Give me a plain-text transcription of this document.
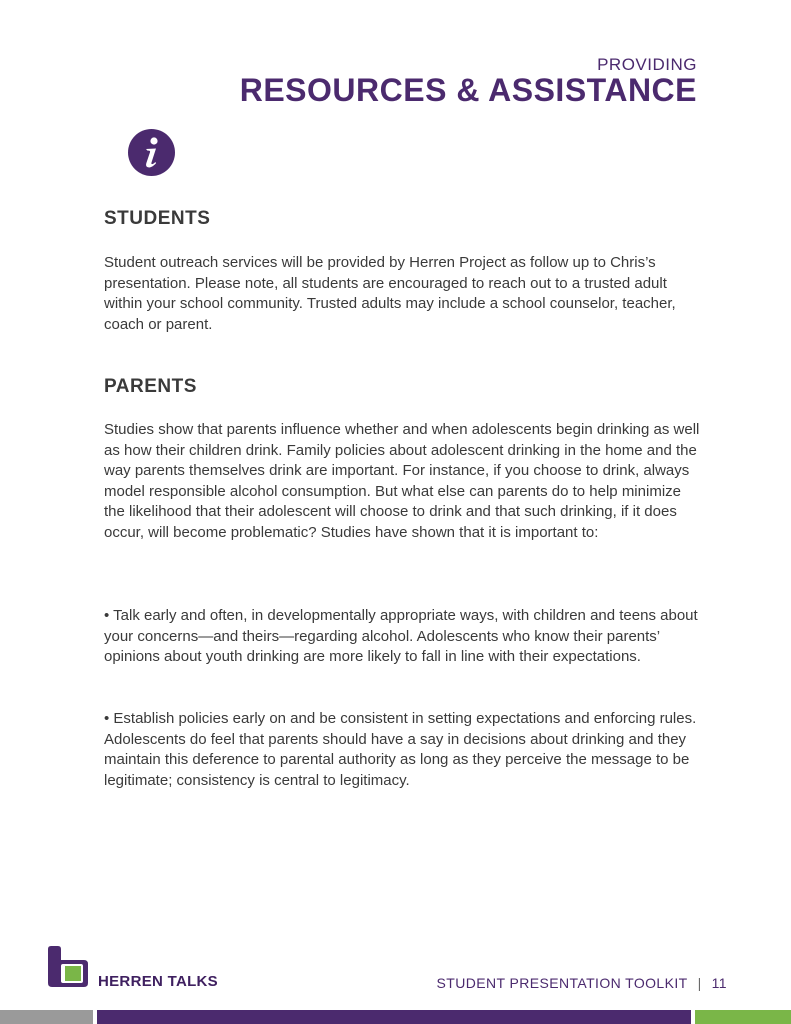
PROVIDING
RESOURCES & ASSISTANCE
STUDENTS
Student outreach services will be provided by Herren Project as follow up to Chris’s presentation. Please note, all students are encouraged to reach out to a trusted adult within your school community. Trusted adults may include a school counselor, teacher, coach or parent.
PARENTS
Studies show that parents influence whether and when adolescents begin drinking as well as how their children drink. Family policies about adolescent drinking in the home and the way parents themselves drink are important. For instance, if you choose to drink, always model responsible alcohol consumption. But what else can parents do to help minimize the likelihood that their adolescent will choose to drink and that such drinking, if it does occur, will become problematic? Studies have shown that it is important to:
• Talk early and often, in developmentally appropriate ways, with children and teens about your concerns—and theirs—regarding alcohol. Adolescents who know their parents’ opinions about youth drinking are more likely to fall in line with their expectations.
• Establish policies early on and be consistent in setting expectations and enforcing rules. Adolescents do feel that parents should have a say in decisions about drinking and they maintain this deference to parental authority as long as they perceive the message to be legitimate; consistency is central to legitimacy.
HERREN TALKS	STUDENT PRESENTATION TOOLKIT | 11
